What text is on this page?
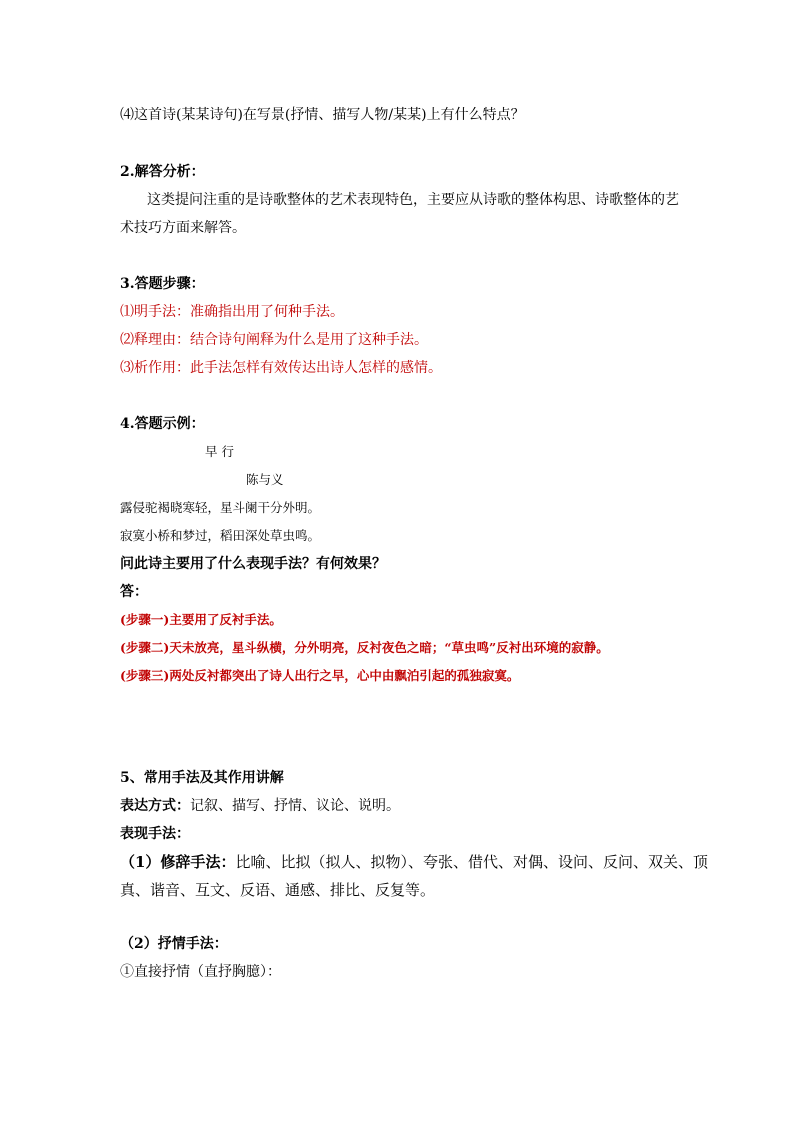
⑷这首诗(某某诗句)在写景(抒情、描写人物/某某)上有什么特点？
2.解答分析：
这类提问注重的是诗歌整体的艺术表现特色，主要应从诗歌的整体构思、诗歌整体的艺
术技巧方面来解答。
3.答题步骤：
⑴明手法：准确指出用了何种手法。
⑵释理由：结合诗句阐释为什么是用了这种手法。
⑶析作用：此手法怎样有效传达出诗人怎样的感情。
4.答题示例：
早 行
陈与义
露侵驼褐晓寒轻，星斗阑干分外明。
寂寞小桥和梦过，稻田深处草虫鸣。
问此诗主要用了什么表现手法？有何效果？
答：
(步骤一)主要用了反衬手法。
(步骤二)天未放亮，星斗纵横，分外明亮，反衬夜色之暗；“草虫鸣”反衬出环境的寂静。
(步骤三)两处反衬都突出了诗人出行之早，心中由飘泊引起的孤独寂寞。
5、常用手法及其作用讲解
表达方式：记叙、描写、抒情、议论、说明。
表现手法：
（1）修辞手法：比喻、比拟（拟人、拟物）、夸张、借代、对偶、设问、反问、双关、顶
真、谐音、互文、反语、通感、排比、反复等。
（2）抒情手法：
①直接抒情（直抒胸臆）：
